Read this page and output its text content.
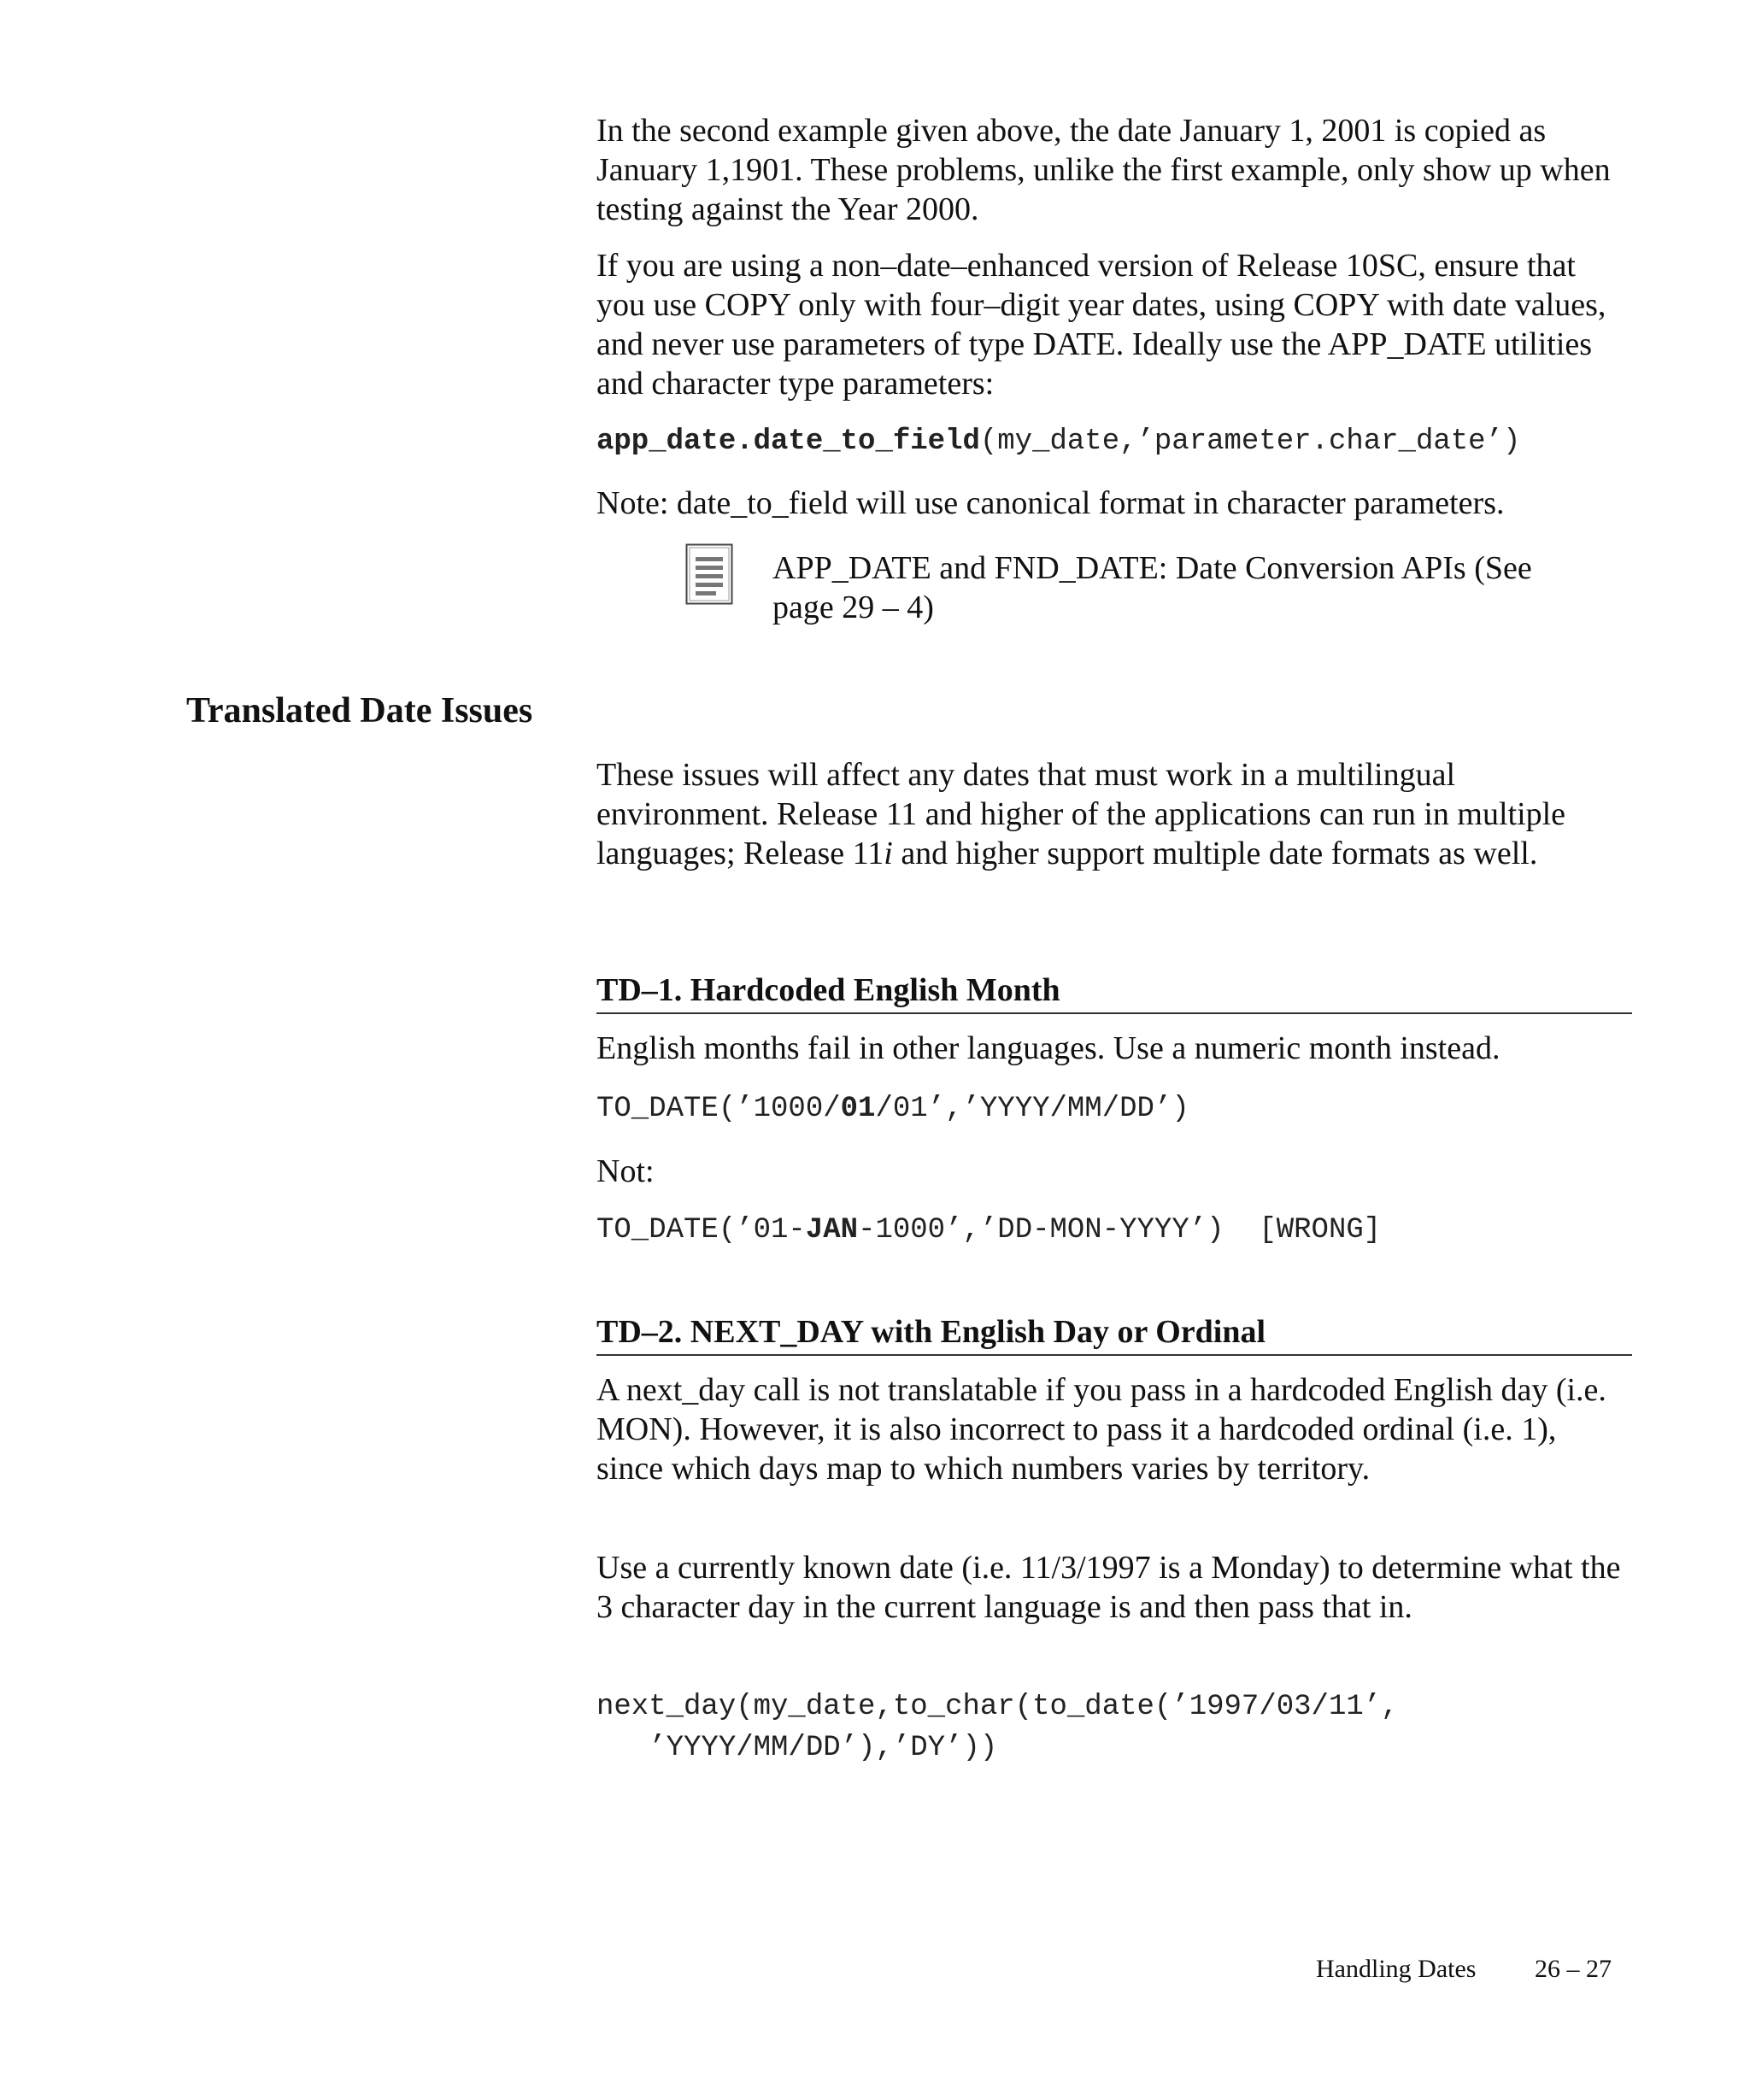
In the second example given above, the date January 1, 2001 is copied as January 1,1901. These problems, unlike the first example, only show up when testing against the Year 2000.

If you are using a non–date–enhanced version of Release 10SC, ensure that you use COPY only with four–digit year dates, using COPY with date values, and never use parameters of type DATE. Ideally use the APP_DATE utilities and character type parameters:

app_date.date_to_field(my_date,’parameter.char_date’)

Note: date_to_field will use canonical format in character parameters.

APP_DATE and FND_DATE: Date Conversion APIs (See
page 29 – 4)
Translated Date Issues

These issues will affect any dates that must work in a multilingual environment. Release 11 and higher of the applications can run in multiple languages; Release 11i and higher support multiple date formats as well.

TD–1. Hardcoded English Month

English months fail in other languages. Use a numeric month instead.

TO_DATE(’1000/01/01’,’YYYY/MM/DD’)

Not:

TO_DATE(’01-JAN-1000’,’DD-MON-YYYY’)  [WRONG]

TD–2. NEXT_DAY with English Day or Ordinal

A next_day call is not translatable if you pass in a hardcoded English day (i.e. MON). However, it is also incorrect to pass it a hardcoded ordinal (i.e. 1), since which days map to which numbers varies by territory.

Use a currently known date (i.e. 11/3/1997 is a Monday) to determine what the 3 character day in the current language is and then pass that in.

next_day(my_date,to_char(to_date(’1997/03/11’,

’YYYY/MM/DD’),’DY’))

Handling Dates 26 – 27
